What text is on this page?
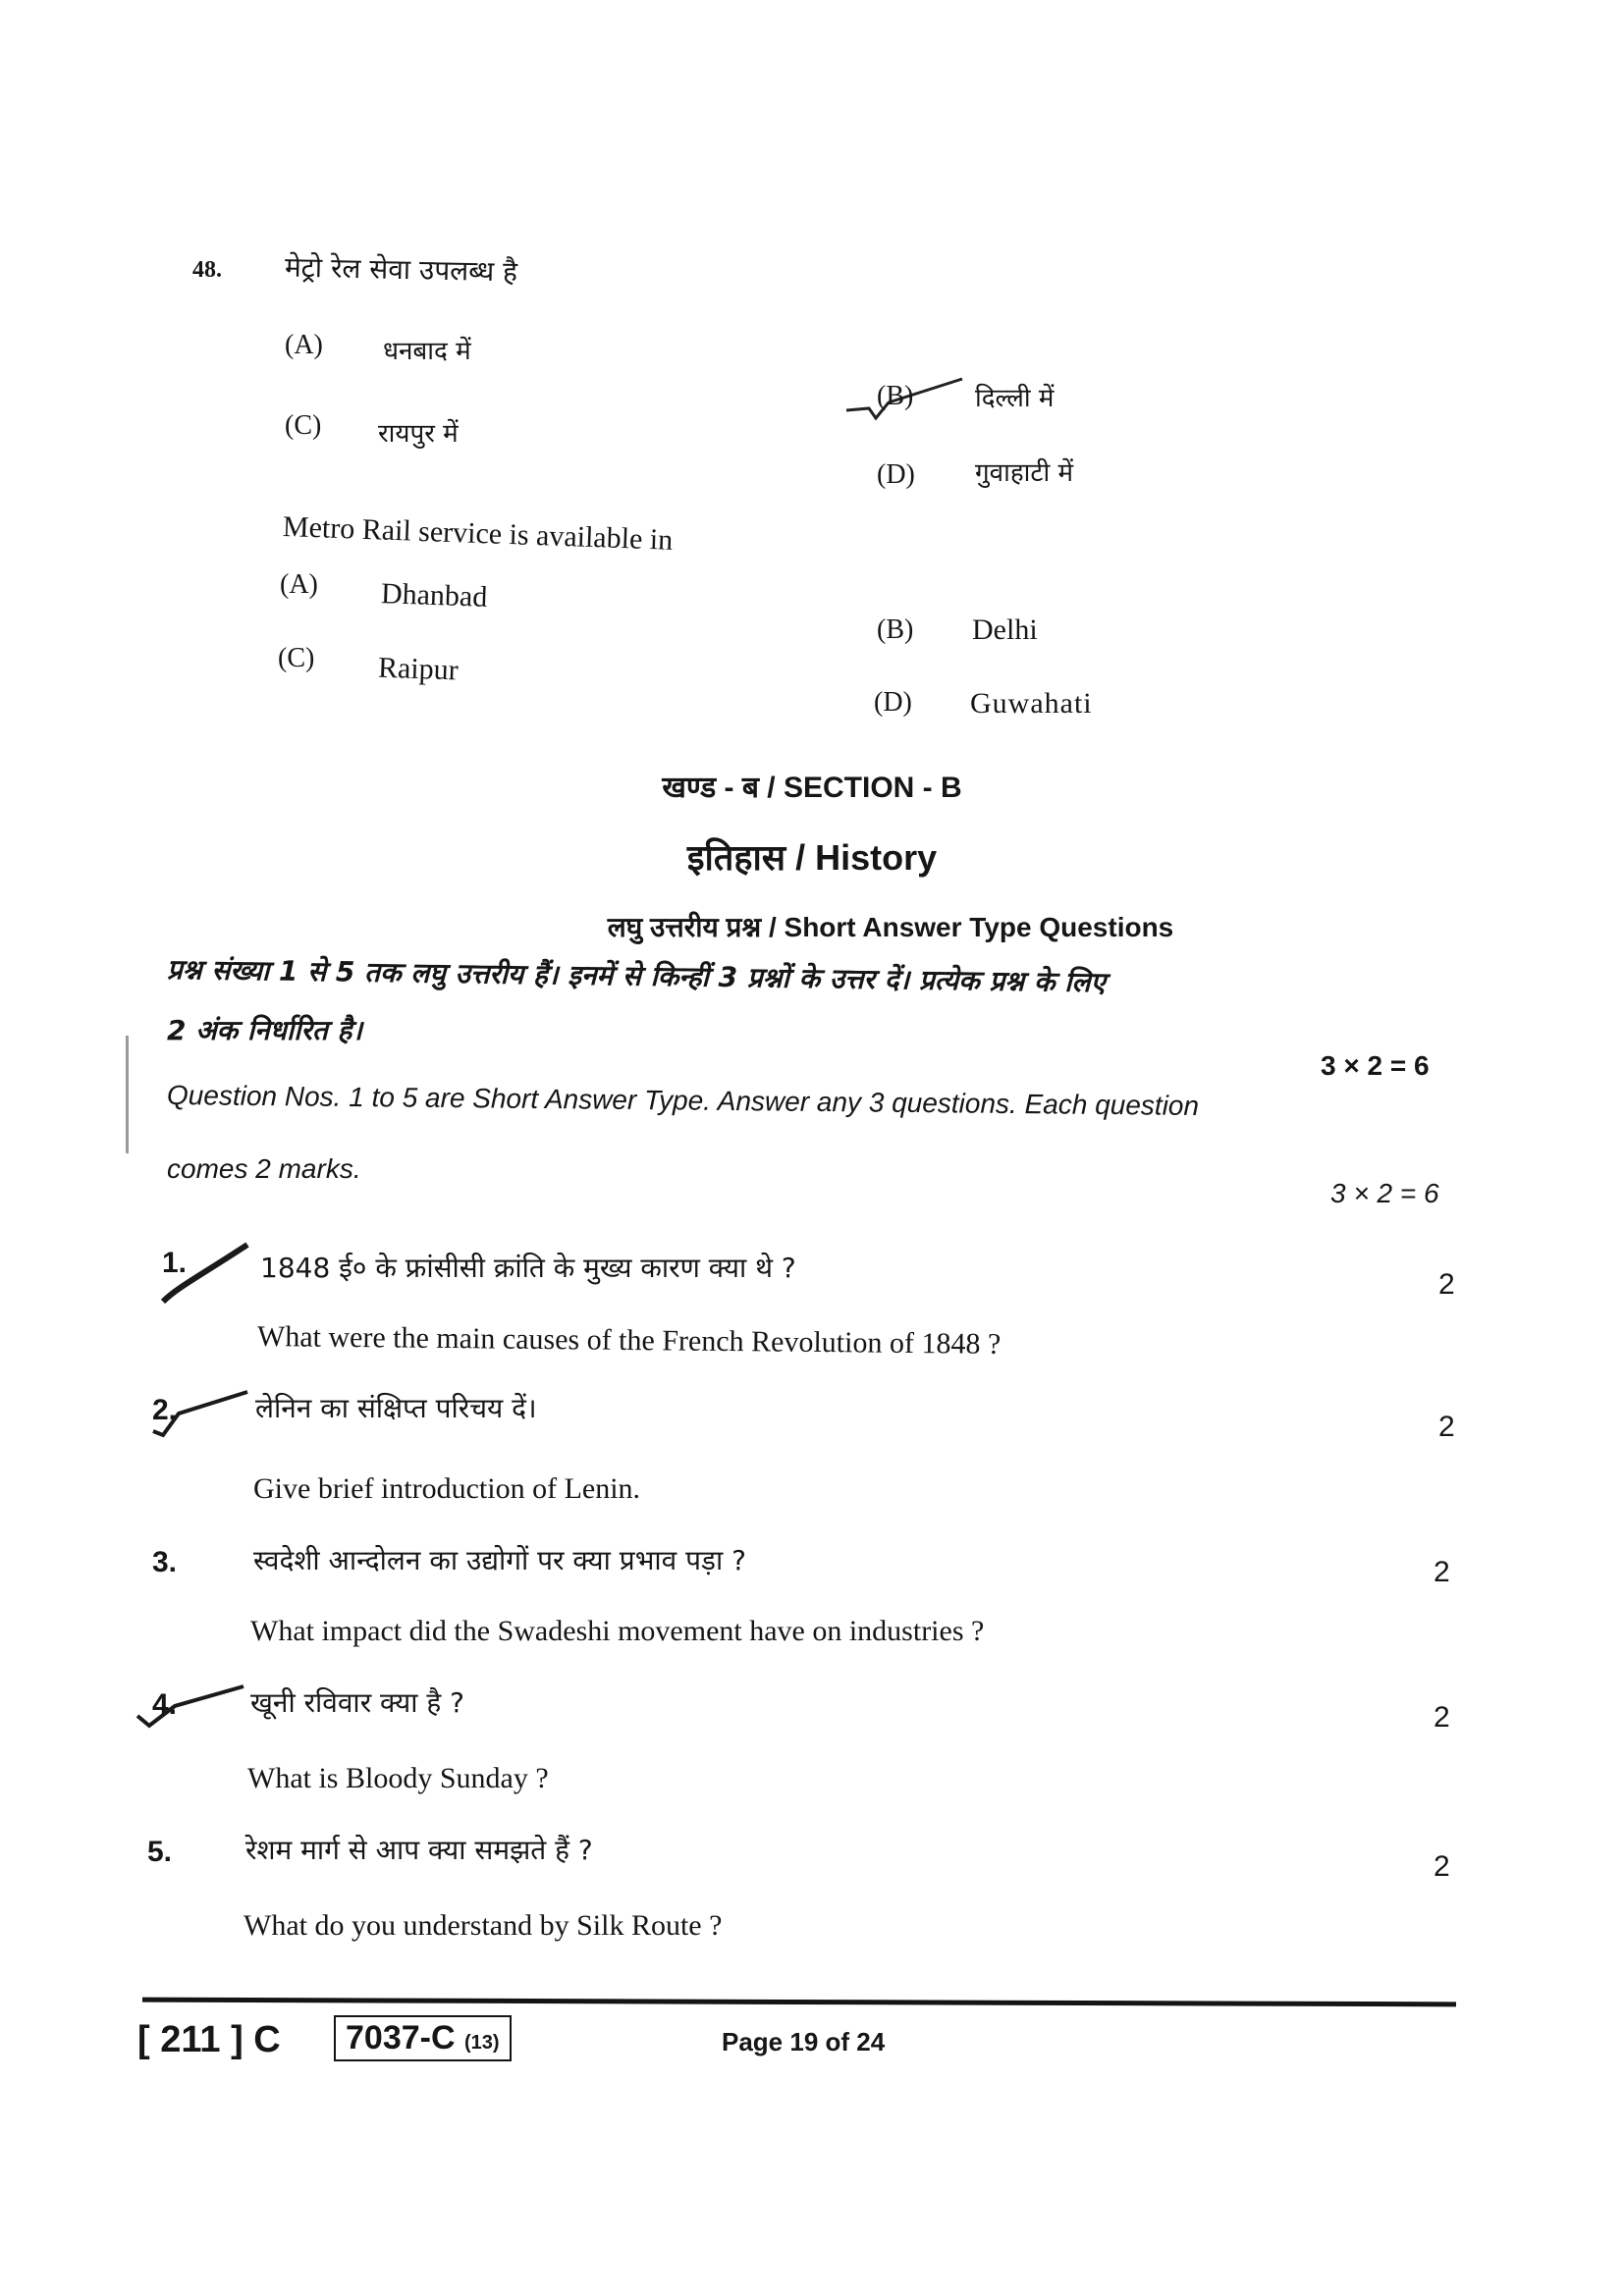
48. मेट्रो रेल सेवा उपलब्ध है
(A) धनबाद में
(C) रायपुर में
(B) दिल्ली में
(D) गुवाहाटी में
Metro Rail service is available in
(A) Dhanbad
(C) Raipur
(B) Delhi
(D) Guwahati
खण्ड - ब / SECTION - B
इतिहास / History
लघु उत्तरीय प्रश्न / Short Answer Type Questions
प्रश्न संख्या 1 से 5 तक लघु उत्तरीय हैं। इनमें से किन्हीं 3 प्रश्नों के उत्तर दें। प्रत्येक प्रश्न के लिए
2 अंक निर्धारित है।
3 × 2 = 6
Question Nos. 1 to 5 are Short Answer Type. Answer any 3 questions. Each question
comes 2 marks.
3 × 2 = 6
1.	1848 ई० के फ्रांसीसी क्रांति के मुख्य कारण क्या थे ?
2
What were the main causes of the French Revolution of 1848 ?
2.	लेनिन का संक्षिप्त परिचय दें।
2
Give brief introduction of Lenin.
3.	स्वदेशी आन्दोलन का उद्योगों पर क्या प्रभाव पड़ा ?	2
What impact did the Swadeshi movement have on industries ?
4.	खूनी रविवार क्या है ?	2
What is Bloody Sunday ?
5.	रेशम मार्ग से आप क्या समझते हैं ?
2
What do you understand by Silk Route ?
[ 211 ] C	7037-C (13)	Page 19 of 24
